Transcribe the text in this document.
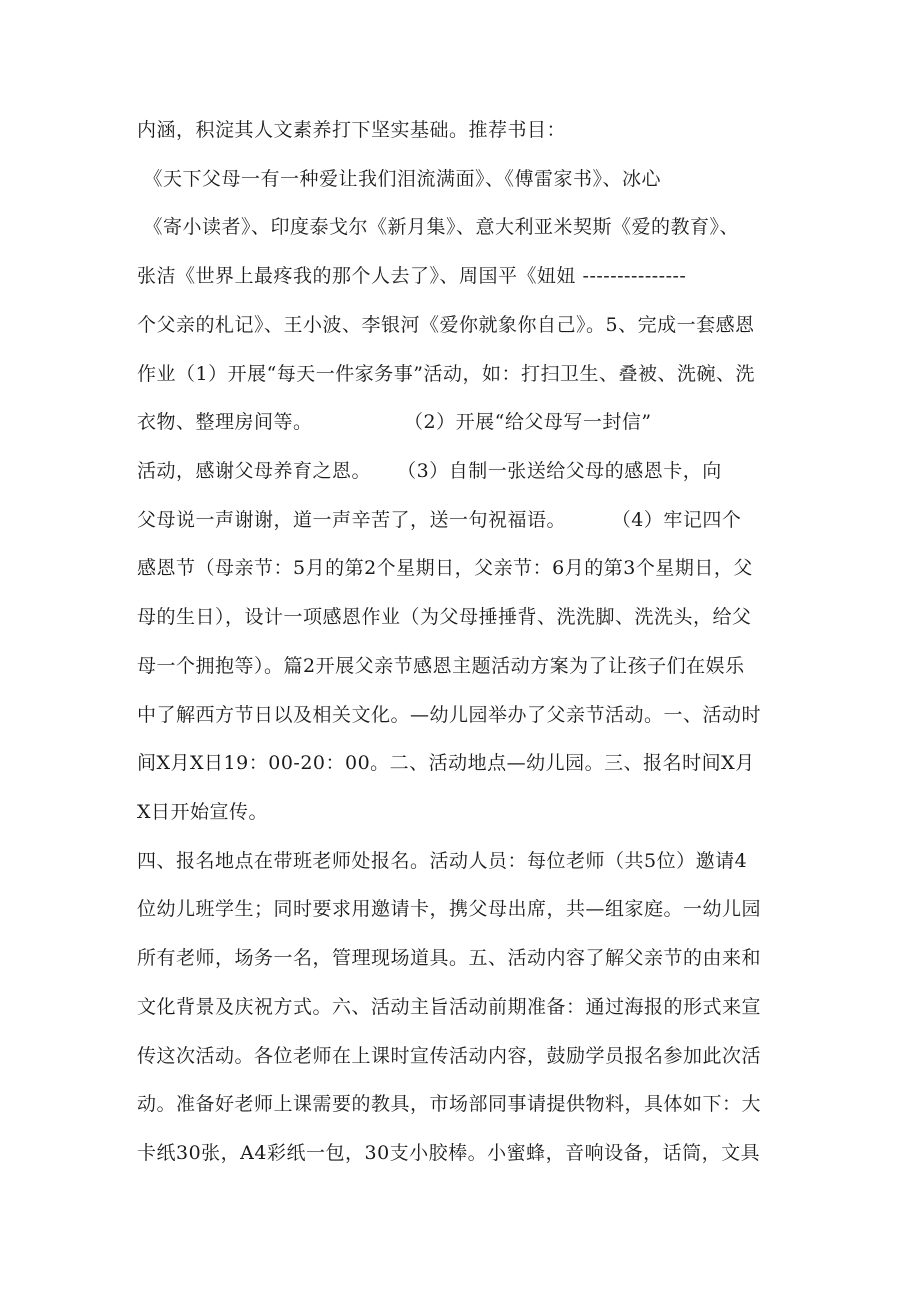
内涵，积淀其人文素养打下坚实基础。推荐书目：
《天下父母一有一种爱让我们泪流满面》、《傅雷家书》、冰心
《寄小读者》、印度泰戈尔《新月集》、意大利亚米契斯《爱的教育》、
张洁《世界上最疼我的那个人去了》、周国平《妞妞 ---------------
个父亲的札记》、王小波、李银河《爱你就象你自己》。5、完成一套感恩
作业（1）开展“每天一件家务事”活动，如：打扫卫生、叠被、洗碗、洗
衣物、整理房间等。              （2）开展“给父母写一封信”
活动，感谢父母养育之恩。    （3）自制一张送给父母的感恩卡，向
父母说一声谢谢，道一声辛苦了，送一句祝福语。       （4）牢记四个
感恩节（母亲节：5月的第2个星期日，父亲节：6月的第3个星期日，父
母的生日），设计一项感恩作业（为父母捶捶背、洗洗脚、洗洗头，给父
母一个拥抱等）。篇2开展父亲节感恩主题活动方案为了让孩子们在娱乐
中了解西方节日以及相关文化。—幼儿园举办了父亲节活动。一、活动时
间X月X日19：00-20：00。二、活动地点—幼儿园。三、报名时间X月
X日开始宣传。
四、报名地点在带班老师处报名。活动人员：每位老师（共5位）邀请4
位幼儿班学生；同时要求用邀请卡，携父母出席，共—组家庭。一幼儿园
所有老师，场务一名，管理现场道具。五、活动内容了解父亲节的由来和
文化背景及庆祝方式。六、活动主旨活动前期准备：通过海报的形式来宣
传这次活动。各位老师在上课时宣传活动内容，鼓励学员报名参加此次活
动。准备好老师上课需要的教具，市场部同事请提供物料，具体如下：大
卡纸30张，A4彩纸一包，30支小胶棒。小蜜蜂，音响设备，话筒，文具
